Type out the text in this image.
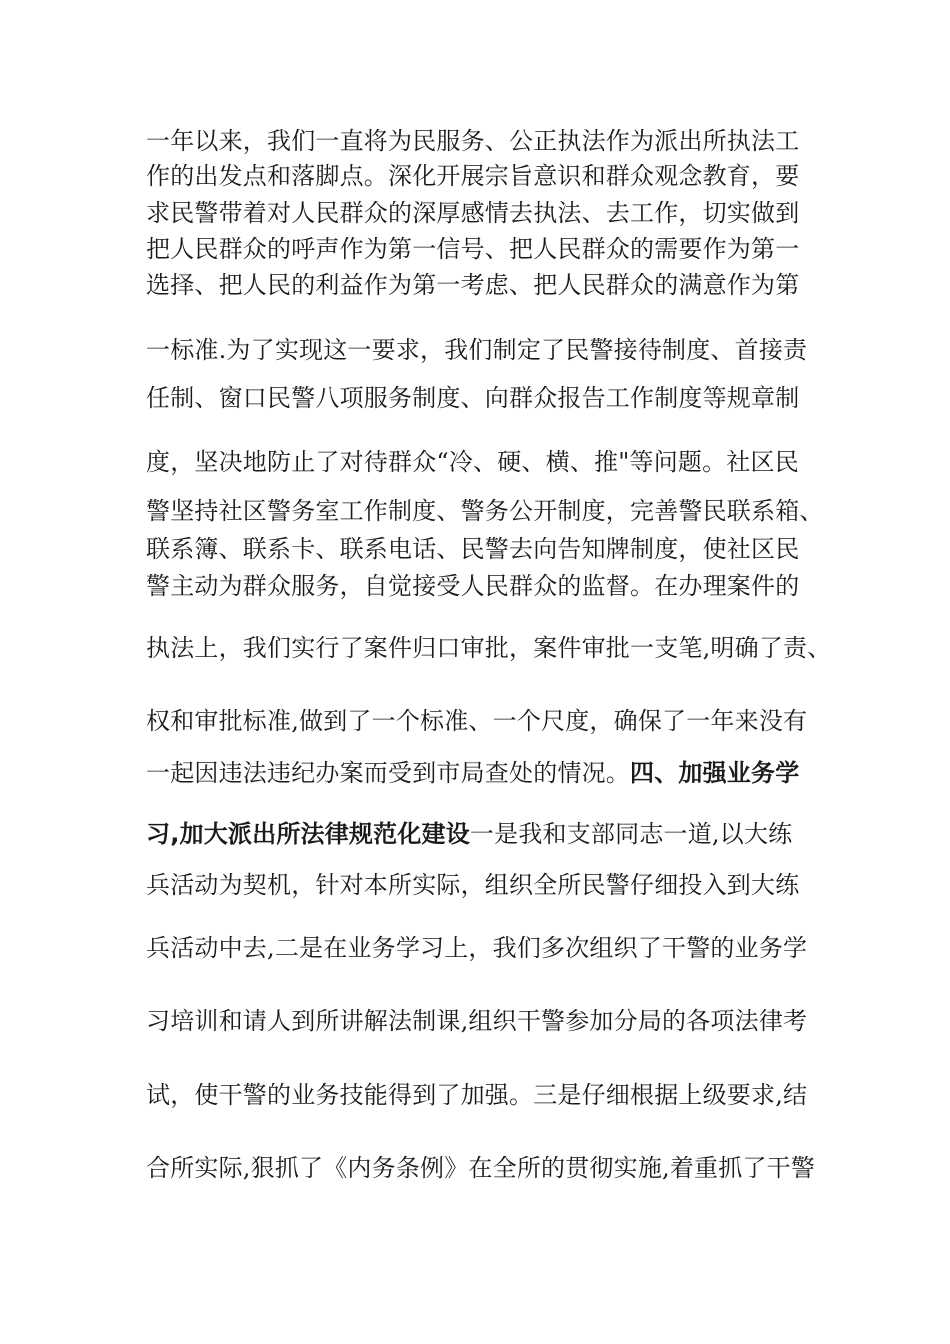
一年以来，我们一直将为民服务、公正执法作为派出所执法工
作的出发点和落脚点。深化开展宗旨意识和群众观念教育，要
求民警带着对人民群众的深厚感情去执法、去工作，切实做到
把人民群众的呼声作为第一信号、把人民群众的需要作为第一
选择、把人民的利益作为第一考虑、把人民群众的满意作为第
一标准.为了实现这一要求，我们制定了民警接待制度、首接责
任制、窗口民警八项服务制度、向群众报告工作制度等规章制
度，坚决地防止了对待群众“冷、硬、横、推"等问题。社区民
警坚持社区警务室工作制度、警务公开制度，完善警民联系箱、
联系簿、联系卡、联系电话、民警去向告知牌制度，使社区民
警主动为群众服务，自觉接受人民群众的监督。在办理案件的
执法上，我们实行了案件归口审批，案件审批一支笔,明确了责、
权和审批标准,做到了一个标准、一个尺度，确保了一年来没有
一起因违法违纪办案而受到市局查处的情况。四、加强业务学
习,加大派出所法律规范化建设一是我和支部同志一道,以大练
兵活动为契机，针对本所实际，组织全所民警仔细投入到大练
兵活动中去,二是在业务学习上，我们多次组织了干警的业务学
习培训和请人到所讲解法制课,组织干警参加分局的各项法律考
试，使干警的业务技能得到了加强。三是仔细根据上级要求,结
合所实际,狠抓了《内务条例》在全所的贯彻实施,着重抓了干警
